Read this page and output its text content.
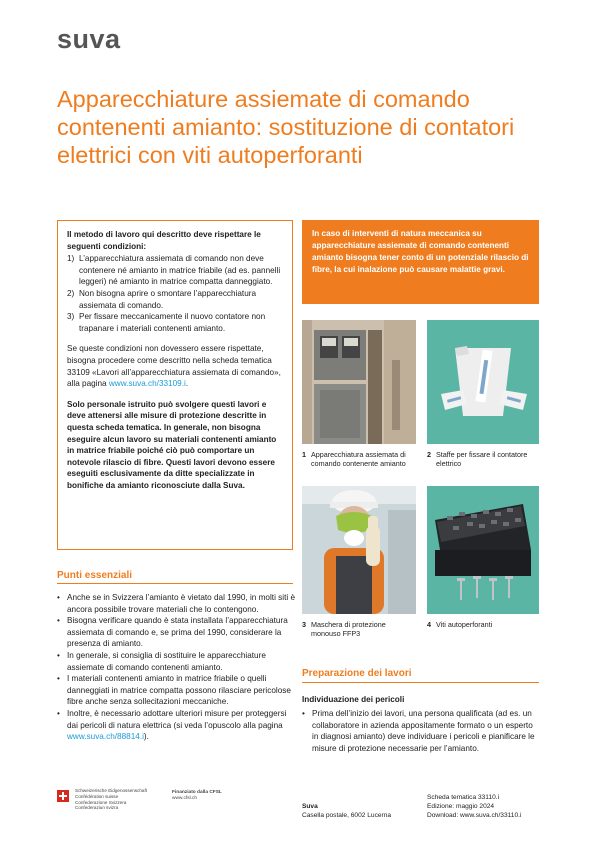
suva
Apparecchiature assiemate di comando contenenti amianto: sostituzione di contatori elettrici con viti autoperforanti
Il metodo di lavoro qui descritto deve rispettare le seguenti condizioni:
1) L’apparecchiatura assiemata di comando non deve contenere né amianto in matrice friabile (ad es. pannelli leggeri) né amianto in matrice compatta danneggiato.
2) Non bisogna aprire o smontare l’apparecchiatura assiemata di comando.
3) Per fissare meccanicamente il nuovo contatore non trapanare i materiali contenenti amianto.

Se queste condizioni non dovessero essere rispettate, bisogna procedere come descritto nella scheda tematica 33109 «Lavori all’apparecchiatura assiemata di comando», alla pagina www.suva.ch/33109.i.

Solo personale istruito può svolgere questi lavori e deve attenersi alle misure di protezione descritte in questa scheda tematica. In generale, non bisogna eseguire alcun lavoro su materiali contenenti amianto in matrice friabile poiché ciò può comportare un notevole rilascio di fibre. Questi lavori devono essere eseguiti esclusivamente da ditte specializzate in bonifiche da amianto riconosciute dalla Suva.

In caso di interventi di natura meccanica su apparecchiature assiemate di comando contenenti amianto bisogna tener conto di un potenziale rilascio di fibre, la cui inalazione può causare malattie gravi.
1 Apparecchiatura assiemata di comando contenente amianto
2 Staffe per fissare il contatore elettrico
3 Maschera di protezione monouso FFP3
4 Viti autoperforanti
Punti essenziali
• Anche se in Svizzera l’amianto è vietato dal 1990, in molti siti è ancora possibile trovare materiali che lo contengono.
• Bisogna verificare quando è stata installata l’apparecchiatura assiemata di comando e, se prima del 1990, considerare la presenza di amianto.
• In generale, si consiglia di sostituire le apparecchiature assiemate di comando contenenti amianto.
• I materiali contenenti amianto in matrice friabile o quelli danneggiati in matrice compatta possono rilasciare pericolose fibre anche senza sollecitazioni meccaniche.
• Inoltre, è necessario adottare ulteriori misure per proteggersi dai pericoli di natura elettrica (si veda l’opuscolo alla pagina www.suva.ch/88814.i).
Preparazione dei lavori
Individuazione dei pericoli
• Prima dell’inizio dei lavori, una persona qualificata (ad es. un collaboratore in azienda appositamente formato o un esperto in diagnosi amianto) deve individuare i pericoli e pianificare le misure di protezione necessarie per l’amianto.
Schweizerische Eidgenossenschaft
Confédération suisse
Confederazione Svizzera
Confederaziun svizra
Finanziato dalla CFSL
www.cfsl.ch
Suva
Casella postale, 6002 Lucerna
Scheda tematica 33110.i
Edizione: maggio 2024
Download: www.suva.ch/33110.i
